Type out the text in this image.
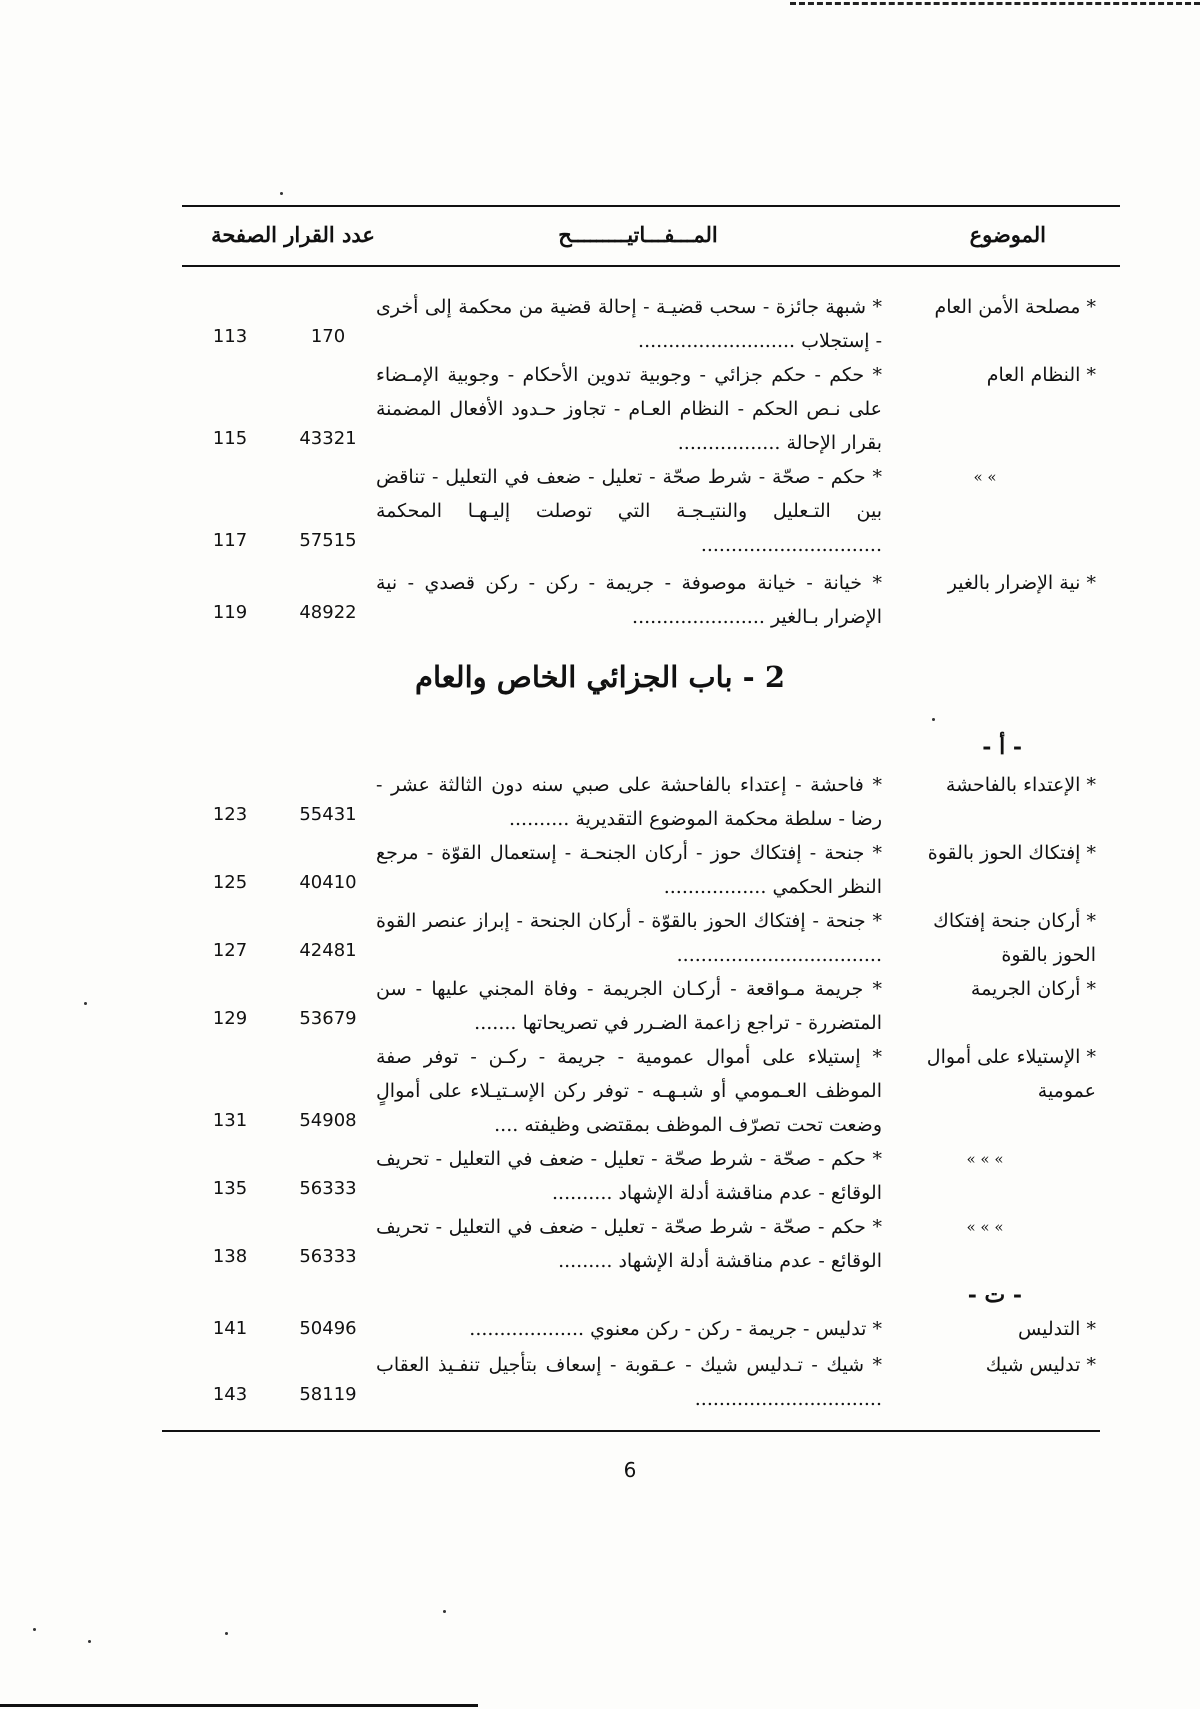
الموضوع
المـــفـــاتيـــــــــح
عدد القرار الصفحة
* مصلحة الأمن العام
* شبهة جائزة - سحب قضيـة - إحالة قضية من محكمة إلى أخرى - إستجلاب ..........................
170
113
* النظام العام
* حكم - حكم جزائي - وجوبية تدوين الأحكام - وجوبية الإمـضاء على نـص الحكم - النظام العـام - تجاوز حـدود الأفعال المضمنة بقرار الإحالة .................
43321
115
» »
* حكم - صحّة - شرط صحّة - تعليل - ضعف في التعليل - تناقض بين التـعليل والنتيـجـة التي توصلت إليـهـا المحكمة ..............................
57515
117
* نية الإضرار بالغير
* خيانة - خيانة موصوفة - جريمة - ركن - ركن قصدي - نية الإضرار بـالغير ......................
48922
119
2 - باب الجزائي الخاص والعام
- أ -
* الإعتداء بالفاحشة
* فاحشة - إعتداء بالفاحشة على صبي سنه دون الثالثة عشر - رضا - سلطة محكمة الموضوع التقديرية ..........
55431
123
* إفتكاك الحوز بالقوة
* جنحة - إفتكاك حوز - أركان الجنحـة - إستعمال القوّة - مرجع النظر الحكمي .................
40410
125
* أركان جنحة إفتكاك الحوز بالقوة
* جنحة - إفتكاك الحوز بالقوّة - أركان الجنحة - إبراز عنصر القوة ..................................
42481
127
* أركان الجريمة
* جريمة مـواقعة - أركـان الجريمة - وفاة المجني عليها - سن المتضررة - تراجع زاعمة الضـرر في تصريحاتها .......
53679
129
* الإستيلاء على أموال عمومية
* إستيلاء على أموال عمومية - جريمة - ركـن - توفر صفة الموظف العـمومي أو شبـهـه - توفر ركن الإسـتيـلاء على أموالٍ وضعت تحت تصرّف الموظف بمقتضى وظيفته ....
54908
131
» » »
* حكم - صحّة - شرط صحّة - تعليل - ضعف في التعليل - تحريف الوقائع - عدم مناقشة أدلة الإشهاد ..........
56333
135
» » »
* حكم - صحّة - شرط صحّة - تعليل - ضعف في التعليل - تحريف الوقائع - عدم مناقشة أدلة الإشهاد .........
56333
138
- ت -
* التدليس
* تدليس - جريمة - ركن - ركن معنوي ...................
50496
141
* تدليس شيك
* شيك - تـدليس شيك - عـقوبة - إسعاف بتأجيل تنفـيذ العقاب ...............................
58119
143
6
